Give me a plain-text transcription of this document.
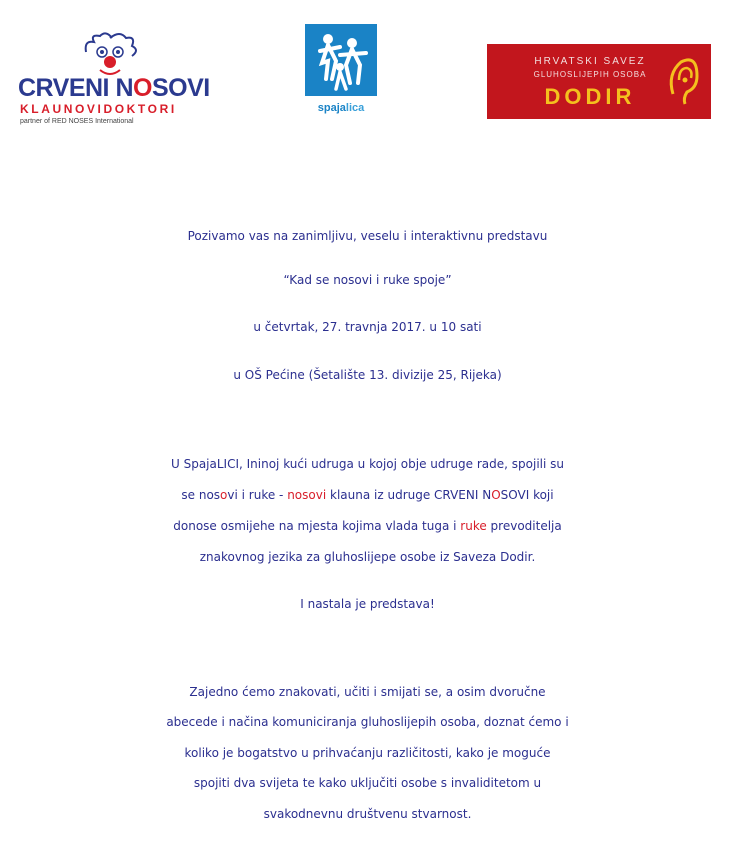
CRVENI NOSOVI
KLAUNOVIDOKTORI
partner of RED NOSES International
spajalica
HRVATSKI SAVEZ
GLUHOSLIJEPIH OSOBA
DODIR
Pozivamo vas na zanimljivu, veselu i interaktivnu predstavu
“Kad se nosovi i ruke spoje”
u četvrtak, 27. travnja 2017. u 10 sati
u OŠ Pećine (Šetalište 13. divizije 25, Rijeka)
U SpajaLICI, Ininoj kući udruga u kojoj obje udruge rade, spojili su
se nosovi i ruke - nosovi klauna iz udruge CRVENI NOSOVI koji
donose osmijehe na mjesta kojima vlada tuga i ruke prevoditelja
znakovnog jezika za gluhoslijepe osobe iz Saveza Dodir.
I nastala je predstava!
Zajedno ćemo znakovati, učiti i smijati se, a osim dvoručne
abecede i načina komuniciranja gluhoslijepih osoba, doznat ćemo i
koliko je bogatstvo u prihvaćanju različitosti, kako je moguće
spojiti dva svijeta te kako uključiti osobe s invaliditetom u
svakodnevnu društvenu stvarnost.
